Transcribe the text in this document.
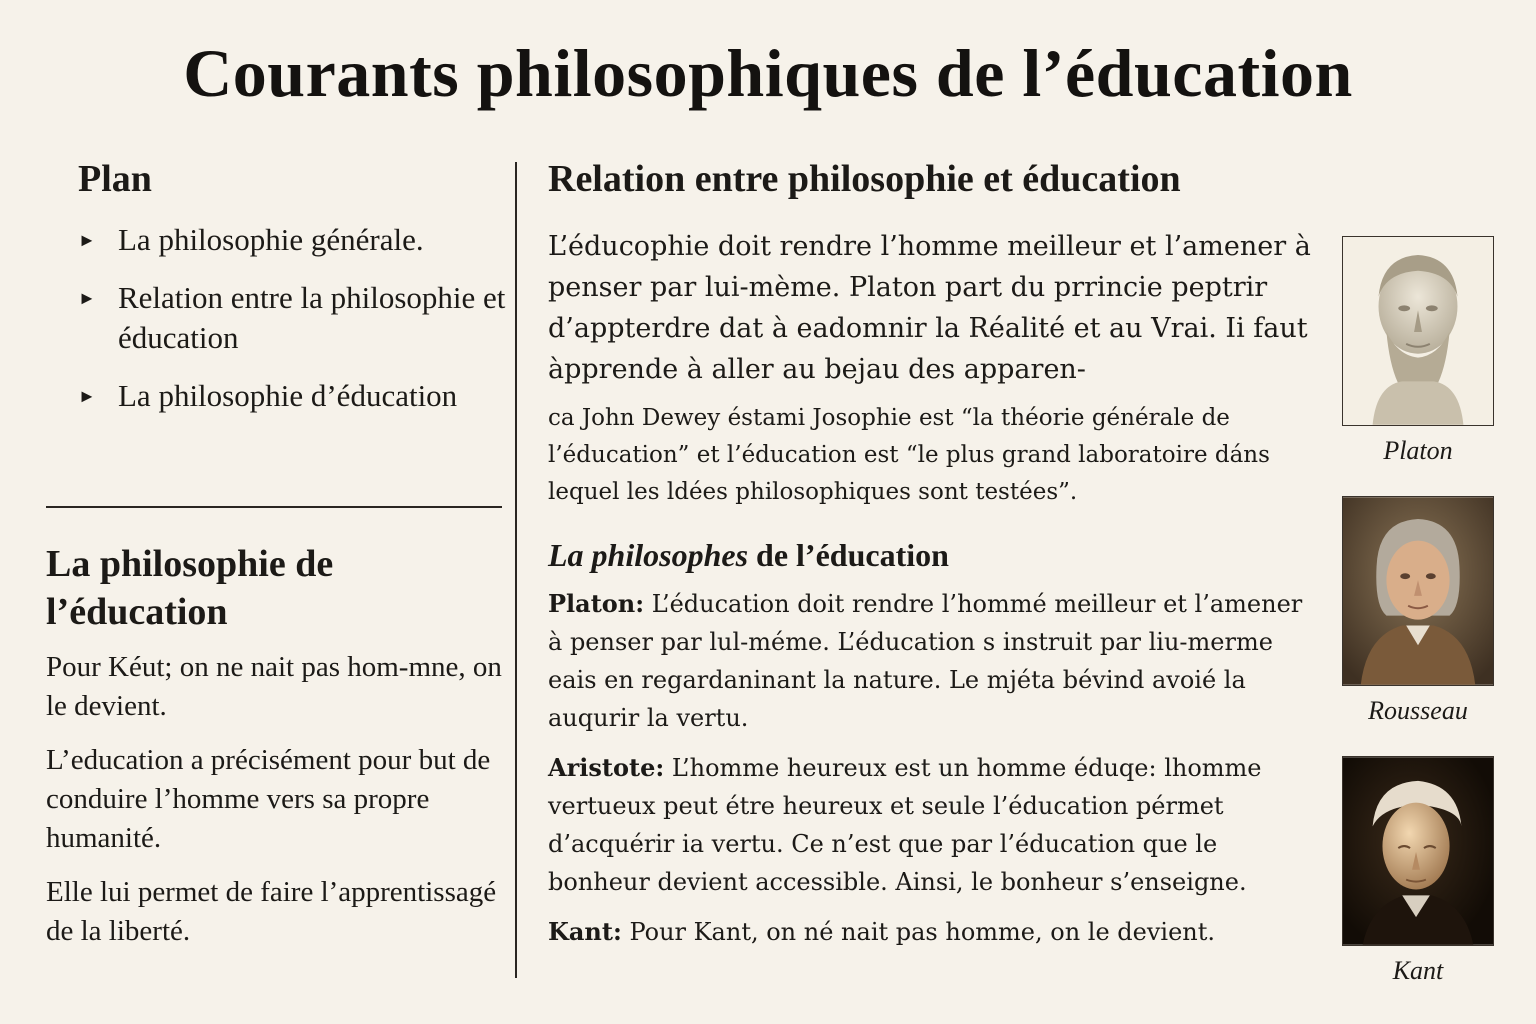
Courants philosophiques de l’éducation
Plan
► La philosophie générale.
► Relation entre la philosophie et éducation
► La philosophie d’éducation
La philosophie de l’éducation

Pour Kéut; on ne nait pas hom-mne, on le devient.

L’education a précisément pour but de conduire l’homme vers sa propre humanité.

Elle lui permet de faire l’apprentissagé de la liberté.

Relation entre philosophie et éducation

L’éducophie doit rendre l’homme meilleur et l’amener à penser par lui-mème. Platon part du prrincie peptrir d’appterdre dat à eadomnir la Réalité et au Vrai. Ii faut àpprende à aller au bejau des apparen-

ca John Dewey éstami Josophie est “la théorie générale de l’éducation” et l’éducation est “le plus grand laboratoire dáns lequel les ldées philosophiques sont testées”.

La philosophes de l’éducation

Platon: L’éducation doit rendre l’hommé meilleur et l’amener à penser par lul-méme. L’éducation s instruit par liu-merme eais en regardaninant la nature. Le mjéta bévind avoié la auqurir la vertu.

Aristote: L’homme heureux est un homme éduqe: lhomme vertueux peut étre heureux et seule l’éducation pérmet d’acquérir ia vertu. Ce n’est que par l’éducation que le bonheur devient accessible. Ainsi, le bonheur s’enseigne.

Kant: Pour Kant, on né nait pas homme, on le devient.

Platon
Rousseau
Kant
